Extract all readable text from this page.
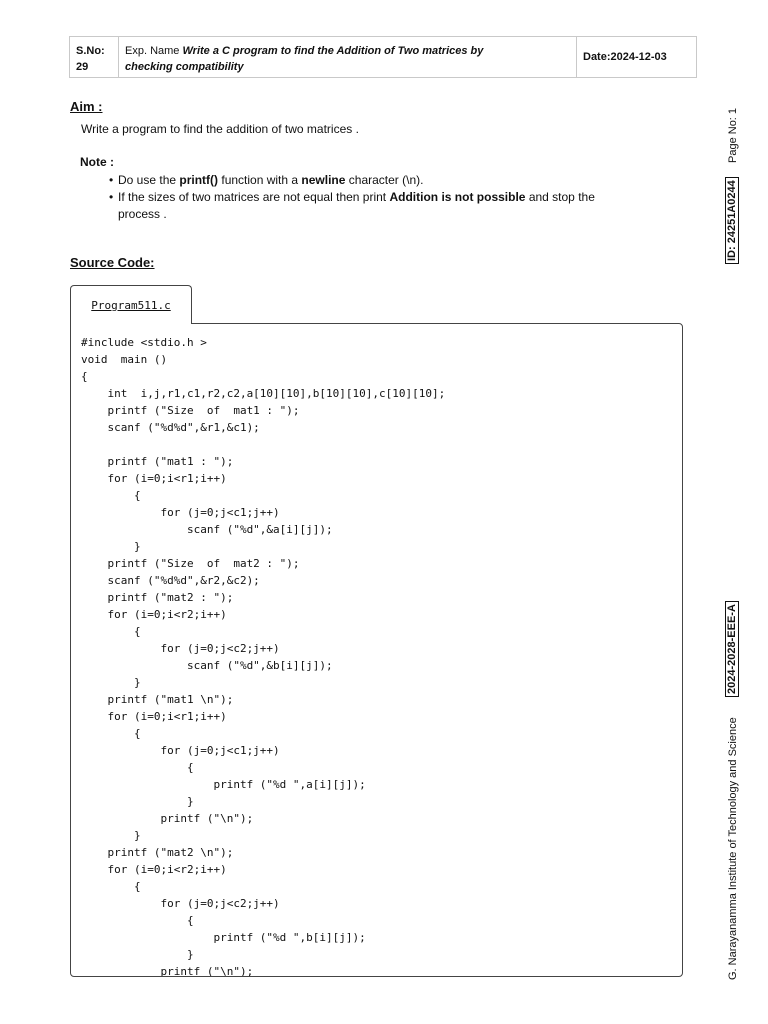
S.No:
29
Exp. Name Write a C program to find the Addition of Two matrices by
checking compatibility
Date:2024-12-03
Aim :
Write a program to find the addition of two matrices .
Note :
• Do use the printf() function with a newline character (\n).
• If the sizes of two matrices are not equal then print Addition is not possible and stop the
process .
Source Code:
Program511.c
#include <stdio.h >
void  main ()
{
int  i,j,r1,c1,r2,c2,a[10][10],b[10][10],c[10][10];
printf ("Size  of  mat1 : ");
scanf ("%d%d",&r1,&c1);
printf ("mat1 : ");
for (i=0;i<r1;i++)
{
for (j=0;j<c1;j++)
scanf ("%d",&a[i][j]);
}
printf ("Size  of  mat2 : ");
scanf ("%d%d",&r2,&c2);
printf ("mat2 : ");
for (i=0;i<r2;i++)
{
for (j=0;j<c2;j++)
scanf ("%d",&b[i][j]);
}
printf ("mat1 \n");
for (i=0;i<r1;i++)
{
for (j=0;j<c1;j++)
{
printf ("%d ",a[i][j]);
}
printf ("\n");
}
printf ("mat2 \n");
for (i=0;i<r2;i++)
{
for (j=0;j<c2;j++)
{
printf ("%d ",b[i][j]);
}
printf ("\n");
Page No: 1
ID: 24251A0244
2024-2028-EEE-A
G. Narayanamma Institute of Technology and Science
